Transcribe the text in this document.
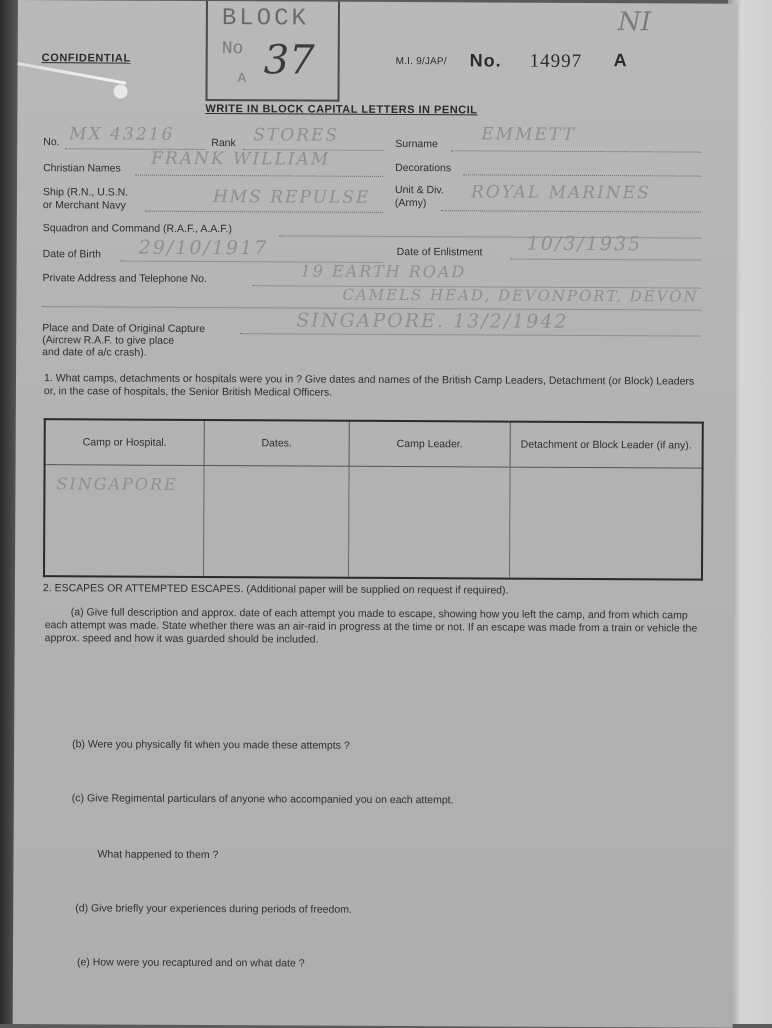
CONFIDENTIAL
BLOCK
No 37
A
NI
M.I. 9/JAP/ No. 14997 A
WRITE IN BLOCK CAPITAL LETTERS IN PENCIL
No. MX 43216	Rank STORES	Surname	EMMETT
Christian Names FRANK WILLIAM	Decorations
Ship (R.N., U.S.N.
or Merchant Navy	HMS REPULSE Unit & Div.
(Army)	ROYAL MARINES
Squadron and Command (R.A.F., A.A.F.)
Date of Birth 29/10/1917	Date of Enlistment 10/3/1935
Private Address and Telephone No.	19 EARTH ROAD
CAMELS HEAD, DEVONPORT, DEVON
Place and Date of Original Capture
(Aircrew R.A.F. to give place
and date of a/c crash).
SINGAPORE. 13/2/1942
1. What camps, detachments or hospitals were you in ? Give dates and names of the British Camp Leaders, Detachment (or Block) Leaders or, in the case of hospitals, the Senior British Medical Officers.
Camp or Hospital.	Dates.	Camp Leader.	Detachment or Block Leader (if any).
SINGAPORE			
2. ESCAPES OR ATTEMPTED ESCAPES. (Additional paper will be supplied on request if required).
(a) Give full description and approx. date of each attempt you made to escape, showing how you left the camp, and from which camp each attempt was made. State whether there was an air-raid in progress at the time or not. If an escape was made from a train or vehicle the approx. speed and how it was guarded should be included.
(b) Were you physically fit when you made these attempts ?
(c) Give Regimental particulars of anyone who accompanied you on each attempt.
What happened to them ?
(d) Give briefly your experiences during periods of freedom.
(e) How were you recaptured and on what date ?
